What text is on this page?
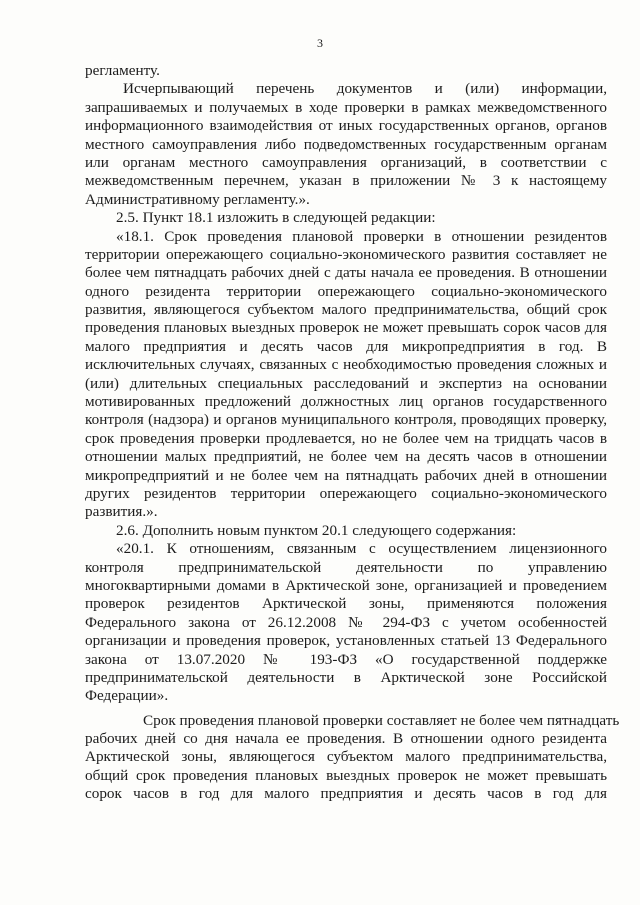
3
регламенту.
Исчерпывающий перечень документов и (или) информации,
запрашиваемых и получаемых в ходе проверки в рамках межведомственного
информационного взаимодействия от иных государственных органов, органов
местного самоуправления либо подведомственных государственным органам
или органам местного самоуправления организаций, в соответствии с
межведомственным перечнем, указан в приложении № 3 к настоящему
Административному регламенту.».
2.5. Пункт 18.1 изложить в следующей редакции:
«18.1. Срок проведения плановой проверки в отношении резидентов
территории опережающего социально-экономического развития составляет не
более чем пятнадцать рабочих дней с даты начала ее проведения. В отношении
одного резидента территории опережающего социально-экономического
развития, являющегося субъектом малого предпринимательства, общий срок
проведения плановых выездных проверок не может превышать сорок часов для
малого предприятия и десять часов для микропредприятия в год. В
исключительных случаях, связанных с необходимостью проведения сложных и
(или) длительных специальных расследований и экспертиз на основании
мотивированных предложений должностных лиц органов государственного
контроля (надзора) и органов муниципального контроля, проводящих проверку,
срок проведения проверки продлевается, но не более чем на тридцать часов в
отношении малых предприятий, не более чем на десять часов в отношении
микропредприятий и не более чем на пятнадцать рабочих дней в отношении
других резидентов территории опережающего социально-экономического
развития.».
2.6. Дополнить новым пунктом 20.1 следующего содержания:
«20.1. К отношениям, связанным с осуществлением лицензионного
контроля предпринимательской деятельности по управлению
многоквартирными домами в Арктической зоне, организацией и проведением
проверок резидентов Арктической зоны, применяются положения
Федерального закона от 26.12.2008 № 294-ФЗ с учетом особенностей
организации и проведения проверок, установленных статьей 13 Федерального
закона от 13.07.2020 № 193-ФЗ «О государственной поддержке
предпринимательской деятельности в Арктической зоне Российской
Федерации».
Срок проведения плановой проверки составляет не более чем пятнадцать
рабочих дней со дня начала ее проведения. В отношении одного резидента
Арктической зоны, являющегося субъектом малого предпринимательства,
общий срок проведения плановых выездных проверок не может превышать
сорок часов в год для малого предприятия и десять часов в год для
